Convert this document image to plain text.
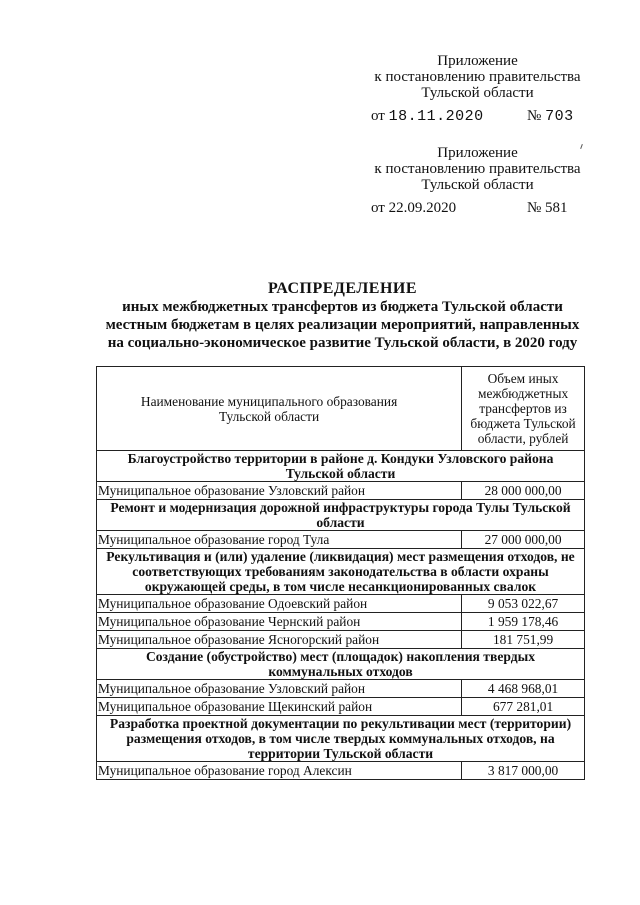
Приложение
к постановлению правительства
Тульской области
от 18.11.2020	№ 703
Приложение
к постановлению правительства
Тульской области
от 22.09.2020	№ 581
РАСПРЕДЕЛЕНИЕ
иных межбюджетных трансфертов из бюджета Тульской области
местным бюджетам в целях реализации мероприятий, направленных
на социально-экономическое развитие Тульской области, в 2020 году
Наименование муниципального образования Тульской области	Объем иных межбюджетных трансфертов из бюджета Тульской области, рублей
Благоустройство территории в районе д. Кондуки Узловского района Тульской области	
Муниципальное образование Узловский район	28 000 000,00
Ремонт и модернизация дорожной инфраструктуры города Тулы Тульской области	
Муниципальное образование город Тула	27 000 000,00
Рекультивация и (или) удаление (ликвидация) мест размещения отходов, не соответствующих требованиям законодательства в области охраны окружающей среды, в том числе несанкционированных свалок	
Муниципальное образование Одоевский район	9 053 022,67
Муниципальное образование Чернский район	1 959 178,46
Муниципальное образование Ясногорский район	181 751,99
Создание (обустройство) мест (площадок) накопления твердых коммунальных отходов	
Муниципальное образование Узловский район	4 468 968,01
Муниципальное образование Щекинский район	677 281,01
Разработка проектной документации по рекультивации мест (территории) размещения отходов, в том числе твердых коммунальных отходов, на территории Тульской области	
Муниципальное образование город Алексин	3 817 000,00
